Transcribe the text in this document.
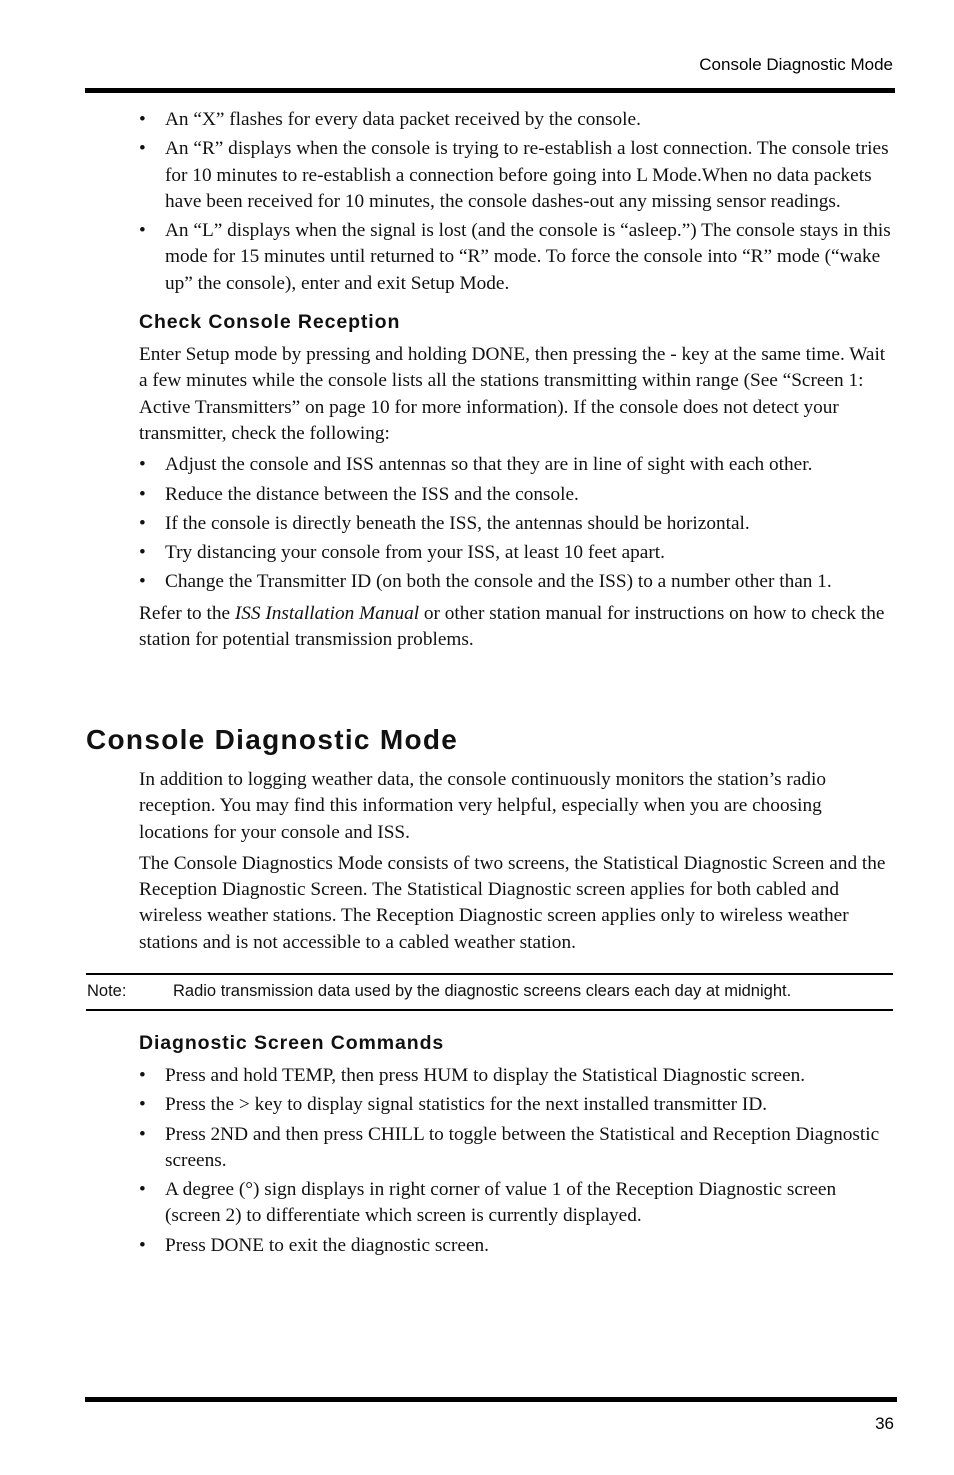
Console Diagnostic Mode
• An “X” flashes for every data packet received by the console.
• An “R” displays when the console is trying to re-establish a lost connection. The console tries for 10 minutes to re-establish a connection before going into L Mode.When no data packets have been received for 10 minutes, the console dashes-out any missing sensor readings.
• An “L” displays when the signal is lost (and the console is “asleep.”) The console stays in this mode for 15 minutes until returned to “R” mode. To force the console into “R” mode (“wake up” the console), enter and exit Setup Mode.
Check Console Reception

Enter Setup mode by pressing and holding DONE, then pressing the - key at the same time. Wait a few minutes while the console lists all the stations transmitting within range (See “Screen 1: Active Transmitters” on page 10 for more information). If the console does not detect your transmitter, check the following:

• Adjust the console and ISS antennas so that they are in line of sight with each other.
• Reduce the distance between the ISS and the console.
• If the console is directly beneath the ISS, the antennas should be horizontal.
• Try distancing your console from your ISS, at least 10 feet apart.
• Change the Transmitter ID (on both the console and the ISS) to a number other than 1.

Refer to the ISS Installation Manual or other station manual for instructions on how to check the station for potential transmission problems.

Console Diagnostic Mode

In addition to logging weather data, the console continuously monitors the station’s radio reception. You may find this information very helpful, especially when you are choosing locations for your console and ISS.

The Console Diagnostics Mode consists of two screens, the Statistical Diagnostic Screen and the Reception Diagnostic Screen. The Statistical Diagnostic screen applies for both cabled and wireless weather stations. The Reception Diagnostic screen applies only to wireless weather stations and is not accessible to a cabled weather station.

Note:	Radio transmission data used by the diagnostic screens clears each day at midnight.
Diagnostic Screen Commands
• Press and hold TEMP, then press HUM to display the Statistical Diagnostic screen.
• Press the > key to display signal statistics for the next installed transmitter ID.
• Press 2ND and then press CHILL to toggle between the Statistical and Reception Diagnostic screens.
• A degree (°) sign displays in right corner of value 1 of the Reception Diagnostic screen (screen 2) to differentiate which screen is currently displayed.
• Press DONE to exit the diagnostic screen.
36
